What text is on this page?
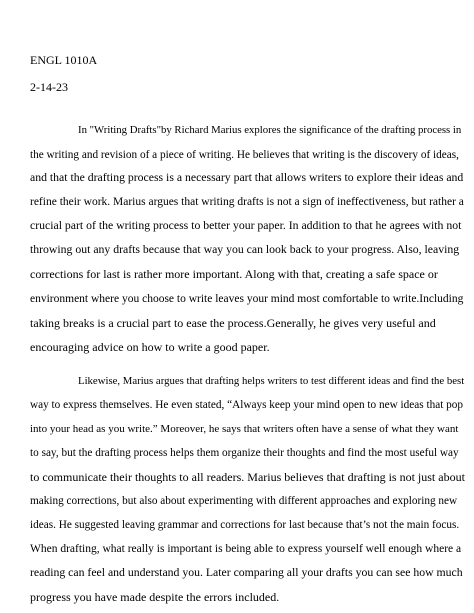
ENGL 1010A
2-14-23
In "Writing Drafts"by Richard Marius explores the significance of the drafting process in
the writing and revision of a piece of writing. He believes that writing is the discovery of ideas,
and that the drafting process is a necessary part that allows writers to explore their ideas and
refine their work. Marius argues that writing drafts is not a sign of ineffectiveness, but rather a
crucial part of the writing process to better your paper. In addition to that he agrees with not
throwing out any drafts because that way you can look back to your progress. Also, leaving
corrections for last is rather more important. Along with that, creating a safe space or
environment where you choose to write leaves your mind most comfortable to write.Including
taking breaks is a crucial part to ease the process.Generally, he gives very useful and
encouraging advice on how to write a good paper.
Likewise, Marius argues that drafting helps writers to test different ideas and find the best
way to express themselves. He even stated, “Always keep your mind open to new ideas that pop
into your head as you write.” Moreover, he says that writers often have a sense of what they want
to say, but the drafting process helps them organize their thoughts and find the most useful way
to communicate their thoughts to all readers. Marius believes that drafting is not just about
making corrections, but also about experimenting with different approaches and exploring new
ideas. He suggested leaving grammar and corrections for last because that’s not the main focus.
When drafting, what really is important is being able to express yourself well enough where a
reading can feel and understand you. Later comparing all your drafts you can see how much
progress you have made despite the errors included.
